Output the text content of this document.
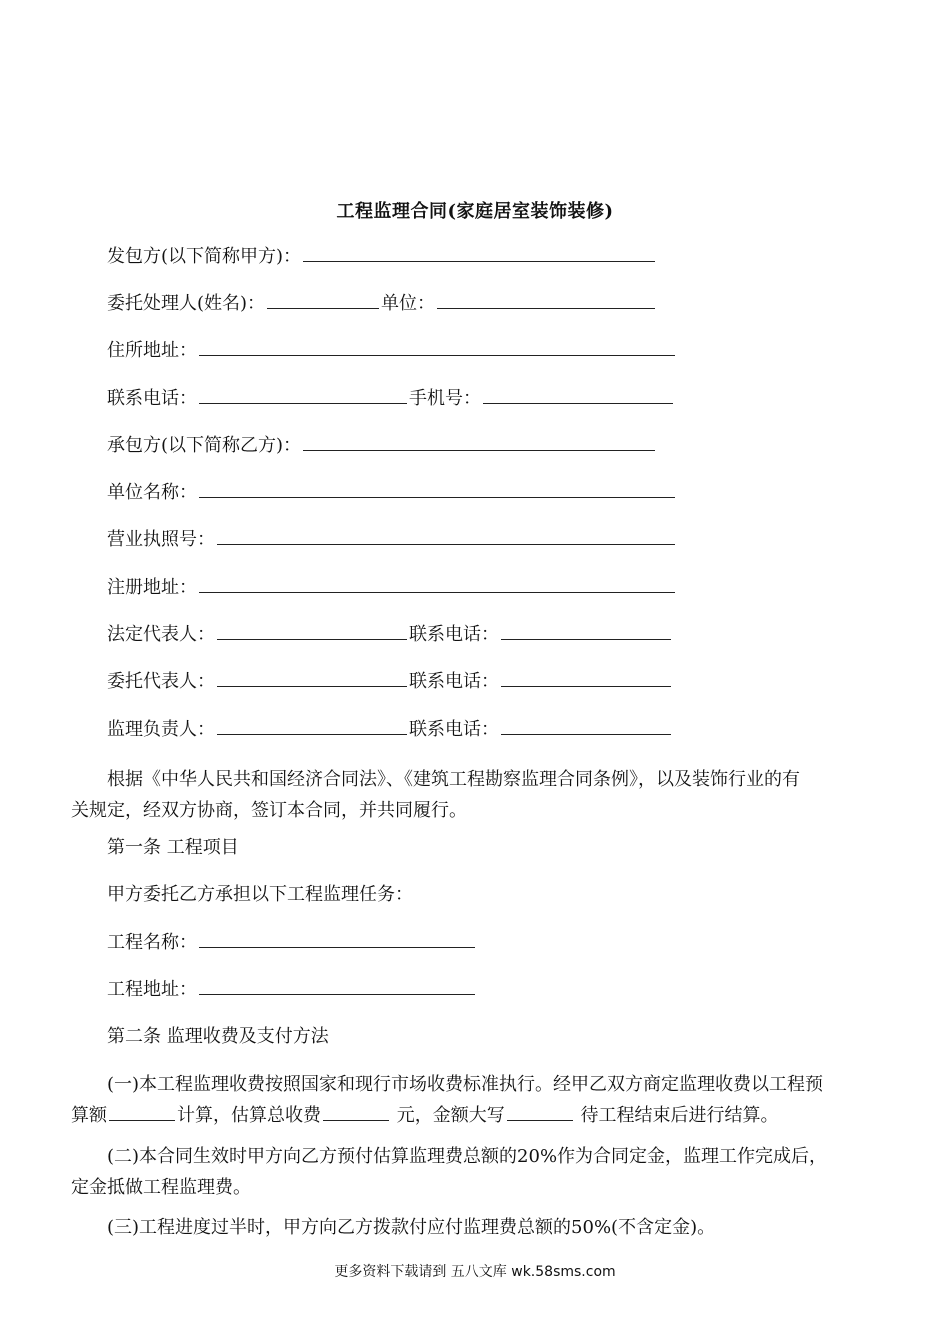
工程监理合同(家庭居室装饰装修)
发包方(以下简称甲方)：
委托处理人(姓名)：	单位：
住所地址：
联系电话：	手机号：
承包方(以下简称乙方)：
单位名称：
营业执照号：
注册地址：
法定代表人：	联系电话：
委托代表人：	联系电话：
监理负责人：	联系电话：
根据《中华人民共和国经济合同法》、《建筑工程勘察监理合同条例》，以及装饰行业的有
关规定，经双方协商，签订本合同，并共同履行。
第一条 工程项目
甲方委托乙方承担以下工程监理任务：
工程名称：
工程地址：
第二条 监理收费及支付方法
(一)本工程监理收费按照国家和现行市场收费标准执行。经甲乙双方商定监理收费以工程预
算额	计算，估算总收费	元，金额大写	待工程结束后进行结算。
(二)本合同生效时甲方向乙方预付估算监理费总额的20%作为合同定金，监理工作完成后，
定金抵做工程监理费。
(三)工程进度过半时，甲方向乙方拨款付应付监理费总额的50%(不含定金)。
更多资料下载请到 五八文库 wk.58sms.com
